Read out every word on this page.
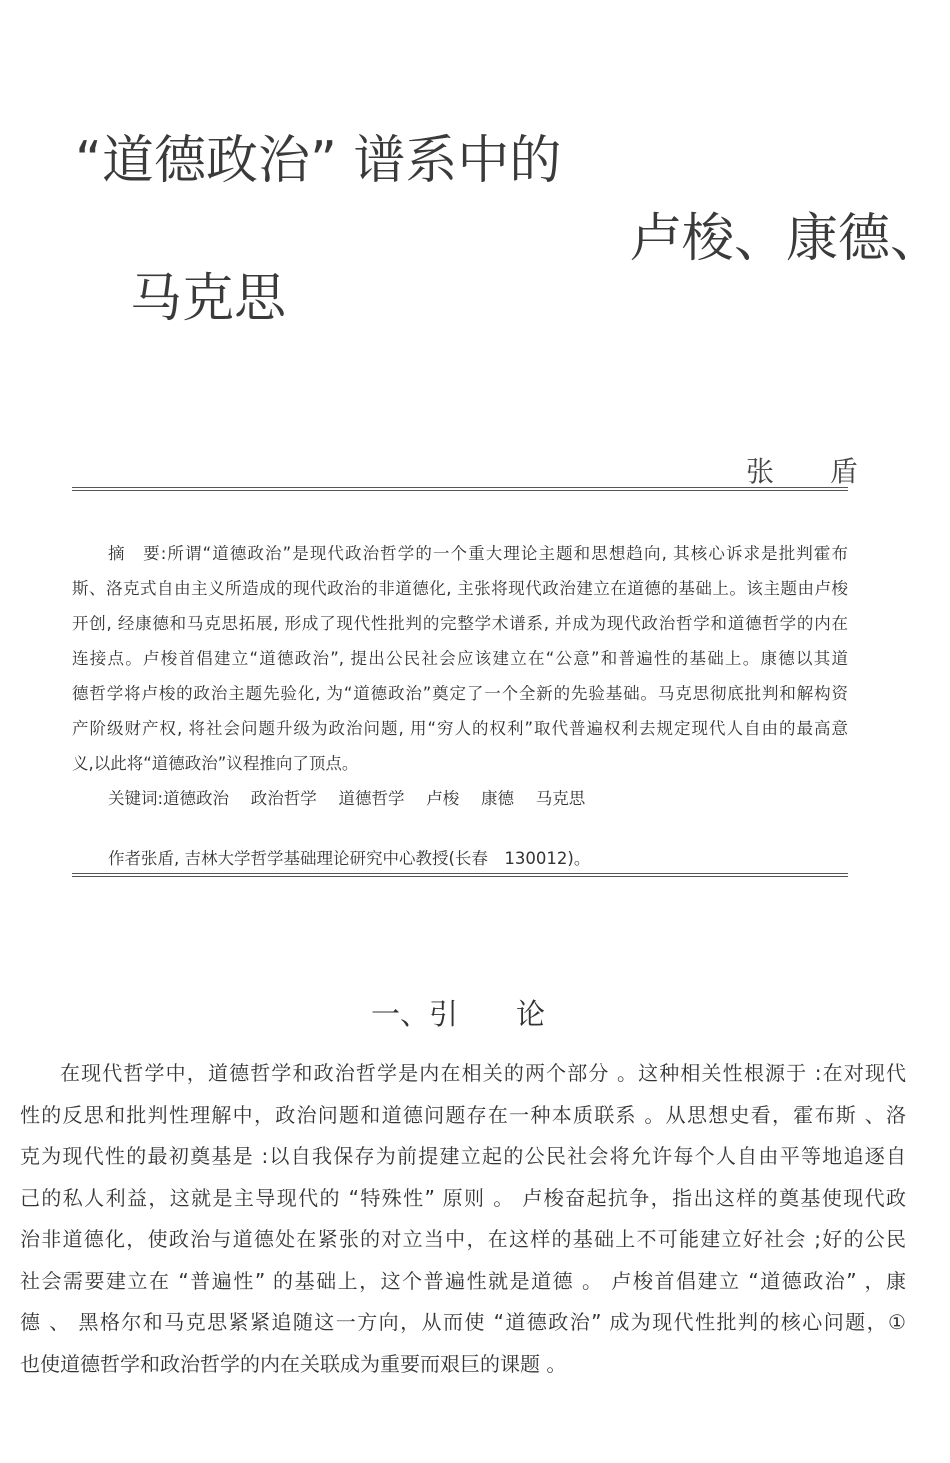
“道德政治” 谱系中的
卢梭、康德、
马克思
张　　盾
摘　要:所谓“道德政治”是现代政治哲学的一个重大理论主题和思想趋向, 其核心诉求是批判霍布
斯、洛克式自由主义所造成的现代政治的非道德化, 主张将现代政治建立在道德的基础上。该主题由卢梭
开创, 经康德和马克思拓展, 形成了现代性批判的完整学术谱系, 并成为现代政治哲学和道德哲学的内在
连接点。卢梭首倡建立“道德政治”, 提出公民社会应该建立在“公意”和普遍性的基础上。康德以其道
德哲学将卢梭的政治主题先验化, 为“道德政治”奠定了一个全新的先验基础。马克思彻底批判和解构资
产阶级财产权, 将社会问题升级为政治问题, 用“穷人的权利”取代普遍权利去规定现代人自由的最高意
义,以此将“道德政治”议程推向了顶点。
关键词:道德政治　 政治哲学　 道德哲学　 卢梭　 康德　 马克思
作者张盾, 吉林大学哲学基础理论研究中心教授(长春　130012)。
一、引　　论
在现代哲学中，道德哲学和政治哲学是内在相关的两个部分 。这种相关性根源于 :在对现代
性的反思和批判性理解中，政治问题和道德问题存在一种本质联系 。从思想史看，霍布斯 、洛
克为现代性的最初奠基是 :以自我保存为前提建立起的公民社会将允许每个人自由平等地追逐自
己的私人利益，这就是主导现代的 “特殊性” 原则 。 卢梭奋起抗争，指出这样的奠基使现代政
治非道德化，使政治与道德处在紧张的对立当中，在这样的基础上不可能建立好社会 ;好的公民
社会需要建立在 “普遍性” 的基础上，这个普遍性就是道德 。 卢梭首倡建立 “道德政治” ，康
德 、 黑格尔和马克思紧紧追随这一方向，从而使 “道德政治” 成为现代性批判的核心问题，①
也使道德哲学和政治哲学的内在关联成为重要而艰巨的课题 。
